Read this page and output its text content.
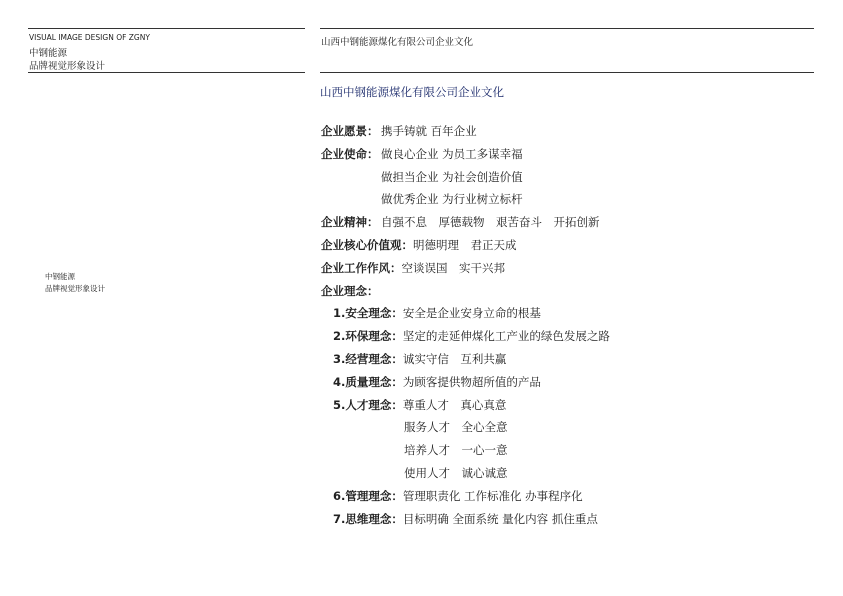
VISUAL IMAGE DESIGN OF ZGNY
中钢能源
品牌视觉形象设计
山西中钢能源煤化有限公司企业文化
中钢能源
品牌视觉形象设计
山西中钢能源煤化有限公司企业文化
企业愿景： 携手铸就 百年企业
企业使命： 做良心企业 为员工多谋幸福
做担当企业 为社会创造价值
做优秀企业 为行业树立标杆
企业精神： 自强不息　厚德载物　艰苦奋斗　开拓创新
企业核心价值观：明德明理　君正天成
企业工作作风：空谈误国　实干兴邦
企业理念：
1.安全理念：安全是企业安身立命的根基
2.环保理念：坚定的走延伸煤化工产业的绿色发展之路
3.经营理念：诚实守信　互利共赢
4.质量理念：为顾客提供物超所值的产品
5.人才理念：尊重人才　真心真意
服务人才　全心全意
培养人才　一心一意
使用人才　诚心诚意
6.管理理念：管理职责化 工作标准化 办事程序化
7.思维理念：目标明确 全面系统 量化内容 抓住重点
